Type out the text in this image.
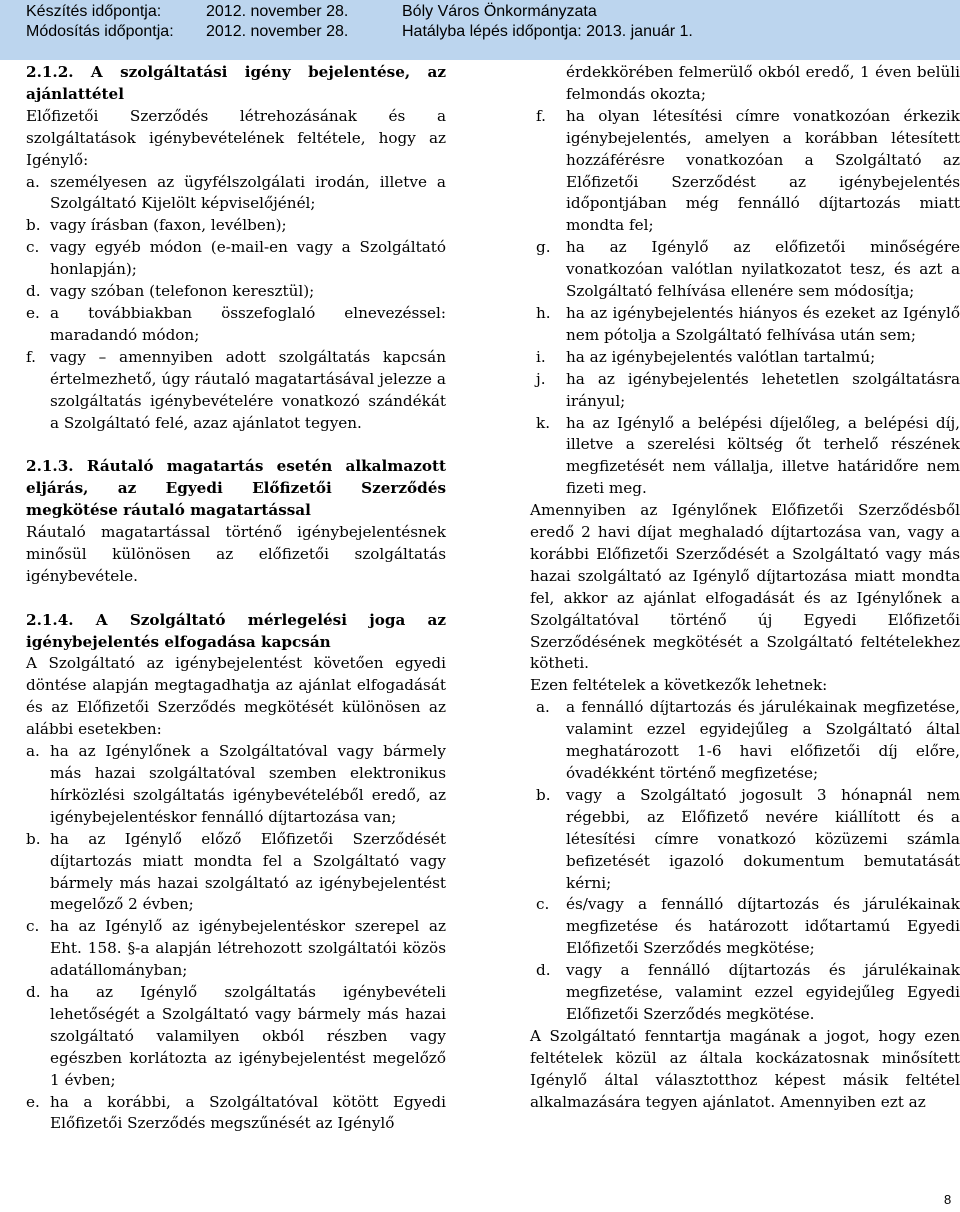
Készítés időpontja:	2012. november 28.	Bóly Város Önkormányzata
Módosítás időpontja: 2012. november 28.	Hatályba lépés időpontja: 2013. január 1.

2.1.2. A szolgáltatási igény bejelentése, az ajánlattétel

Előfizetői Szerződés létrehozásának és a szolgáltatások igénybevételének feltétele, hogy az Igénylő:

a. személyesen az ügyfélszolgálati irodán, illetve a Szolgáltató Kijelölt képviselőjénél;
b. vagy írásban (faxon, levélben);
c. vagy egyéb módon (e-mail-en vagy a Szolgáltató honlapján);
d. vagy szóban (telefonon keresztül);
e. a továbbiakban összefoglaló elnevezéssel: maradandó módon;
f. vagy – amennyiben adott szolgáltatás kapcsán értelmezhető, úgy ráutaló magatartásával jelezze a szolgáltatás igénybevételére vonatkozó szándékát a Szolgáltató felé, azaz ajánlatot tegyen.

2.1.3. Ráutaló magatartás esetén alkalmazott eljárás, az Egyedi Előfizetői Szerződés megkötése ráutaló magatartással

Ráutaló magatartással történő igénybejelentésnek minősül különösen az előfizetői szolgáltatás igénybevétele.

2.1.4. A Szolgáltató mérlegelési joga az igénybejelentés elfogadása kapcsán

A Szolgáltató az igénybejelentést követően egyedi döntése alapján megtagadhatja az ajánlat elfogadását és az Előfizetői Szerződés megkötését különösen az alábbi esetekben:

a. ha az Igénylőnek a Szolgáltatóval vagy bármely más hazai szolgáltatóval szemben elektronikus hírközlési szolgáltatás igénybevételéből eredő, az igénybejelentéskor fennálló díjtartozása van;
b. ha az Igénylő előző Előfizetői Szerződését díjtartozás miatt mondta fel a Szolgáltató vagy bármely más hazai szolgáltató az igénybejelentést megelőző 2 évben;
c. ha az Igénylő az igénybejelentéskor szerepel az Eht. 158. §-a alapján létrehozott szolgáltatói közös adatállományban;
d. ha az Igénylő szolgáltatás igénybevételi lehetőségét a Szolgáltató vagy bármely más hazai szolgáltató valamilyen okból részben vagy egészben korlátozta az igénybejelentést megelőző 1 évben;
e. ha a korábbi, a Szolgáltatóval kötött Egyedi Előfizetői Szerződés megszűnését az Igénylő

érdekkörében felmerülő okból eredő, 1 éven belüli felmondás okozta;

f. ha olyan létesítési címre vonatkozóan érkezik igénybejelentés, amelyen a korábban létesített hozzáférésre vonatkozóan a Szolgáltató az Előfizetői Szerződést az igénybejelentés időpontjában még fennálló díjtartozás miatt mondta fel;
g. ha az Igénylő az előfizetői minőségére vonatkozóan valótlan nyilatkozatot tesz, és azt a Szolgáltató felhívása ellenére sem módosítja;
h. ha az igénybejelentés hiányos és ezeket az Igénylő nem pótolja a Szolgáltató felhívása után sem;
i. ha az igénybejelentés valótlan tartalmú;
j. ha az igénybejelentés lehetetlen szolgáltatásra irányul;
k. ha az Igénylő a belépési díjelőleg, a belépési díj, illetve a szerelési költség őt terhelő részének megfizetését nem vállalja, illetve határidőre nem fizeti meg.

Amennyiben az Igénylőnek Előfizetői Szerződésből eredő 2 havi díjat meghaladó díjtartozása van, vagy a korábbi Előfizetői Szerződését a Szolgáltató vagy más hazai szolgáltató az Igénylő díjtartozása miatt mondta fel, akkor az ajánlat elfogadását és az Igénylőnek a Szolgáltatóval történő új Egyedi Előfizetői Szerződésének megkötését a Szolgáltató feltételekhez kötheti.

Ezen feltételek a következők lehetnek:

a. a fennálló díjtartozás és járulékainak megfizetése, valamint ezzel egyidejűleg a Szolgáltató által meghatározott 1-6 havi előfizetői díj előre, óvadékként történő megfizetése;
b. vagy a Szolgáltató jogosult 3 hónapnál nem régebbi, az Előfizető nevére kiállított és a létesítési címre vonatkozó közüzemi számla befizetését igazoló dokumentum bemutatását kérni;
c. és/vagy a fennálló díjtartozás és járulékainak megfizetése és határozott időtartamú Egyedi Előfizetői Szerződés megkötése;
d. vagy a fennálló díjtartozás és járulékainak megfizetése, valamint ezzel egyidejűleg Egyedi Előfizetői Szerződés megkötése.

A Szolgáltató fenntartja magának a jogot, hogy ezen feltételek közül az általa kockázatosnak minősített Igénylő által választotthoz képest másik feltétel alkalmazására tegyen ajánlatot. Amennyiben ezt az

8
